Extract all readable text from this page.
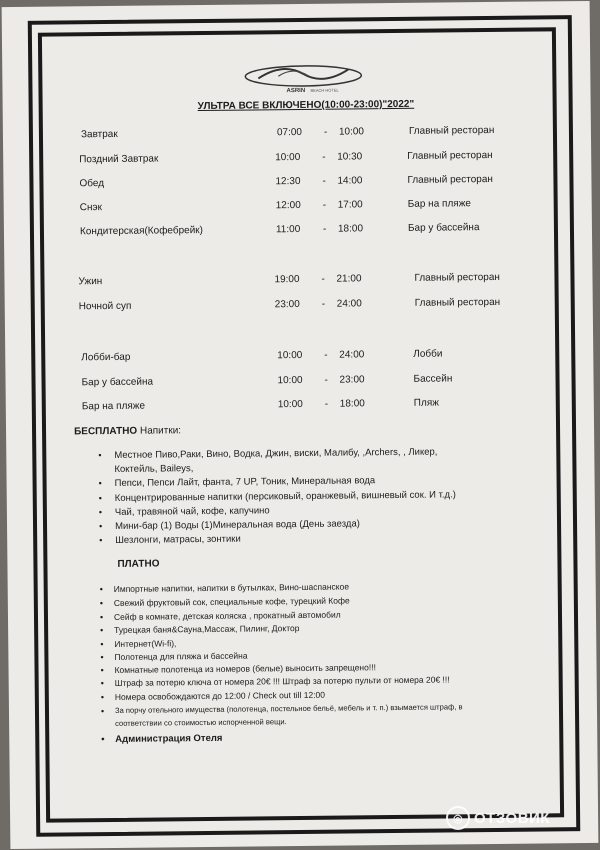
ASRIN BEACH HOTEL
УЛЬТРА ВСЕ ВКЛЮЧЕНО(10:00-23:00)"2022"
Завтрак	07:00 - 10:00	Главный ресторан
Поздний Завтрак	10:00 - 10:30	Главный ресторан
Обед	12:30 - 14:00	Главный ресторан
Снэк	12:00 - 17:00	Бар на пляже
Кондитерская(Кофебрейк)	11:00 - 18:00	Бар у бассейна
Ужин	19:00 - 21:00	Главный ресторан
Ночной суп	23:00 - 24:00	Главный ресторан
Лобби-бар	10:00 - 24:00	Лобби
Бар у бассейна	10:00 - 23:00	Бассейн
Бар на пляже	10:00 - 18:00	Пляж
БЕСПЛАТНО Напитки:
• Местное Пиво,Раки, Вино, Водка, Джин, виски, Малибу, ,Archers, , Ликер,
Коктейль, Baileys,
• Пепси, Пепси Лайт, фанта, 7 UP, Тоник, Минеральная вода
• Концентрированные напитки (персиковый, оранжевый, вишневый сок. И т.д.)
• Чай, травяной чай, кофе, капучино
• Мини-бар (1) Воды (1)Минеральная вода (День заезда)
• Шезлонги, матрасы, зонтики
ПЛАТНО
• Импортные напитки, напитки в бутылках, Вино-шаспанское
• Свежий фруктовый сок, специальные кофе, турецкий Кофе
• Сейф в комнате, детская коляска , прокатный автомобил
• Турецкая баня&Сауна,Массаж, Пилинг, Доктор
• Интернет(Wi-fi),
• Полотенца для пляжа и бассейна
• Комнатные полотенца из номеров (белые) выносить запрещено!!!
• Штраф за потерю ключа от номера 20€ !!! Штраф за потерю пульти от номера 20€ !!!
• Номера освобождаются до 12:00 / Check out till 12:00
• За порчу отельного имущества (полотенца, постельное бельё, мебель и т. п.) взымается штраф, в
соответствии со стоимостью испорченной вещи.
• Администрация Отеля
◎ ОТЗОВИК
